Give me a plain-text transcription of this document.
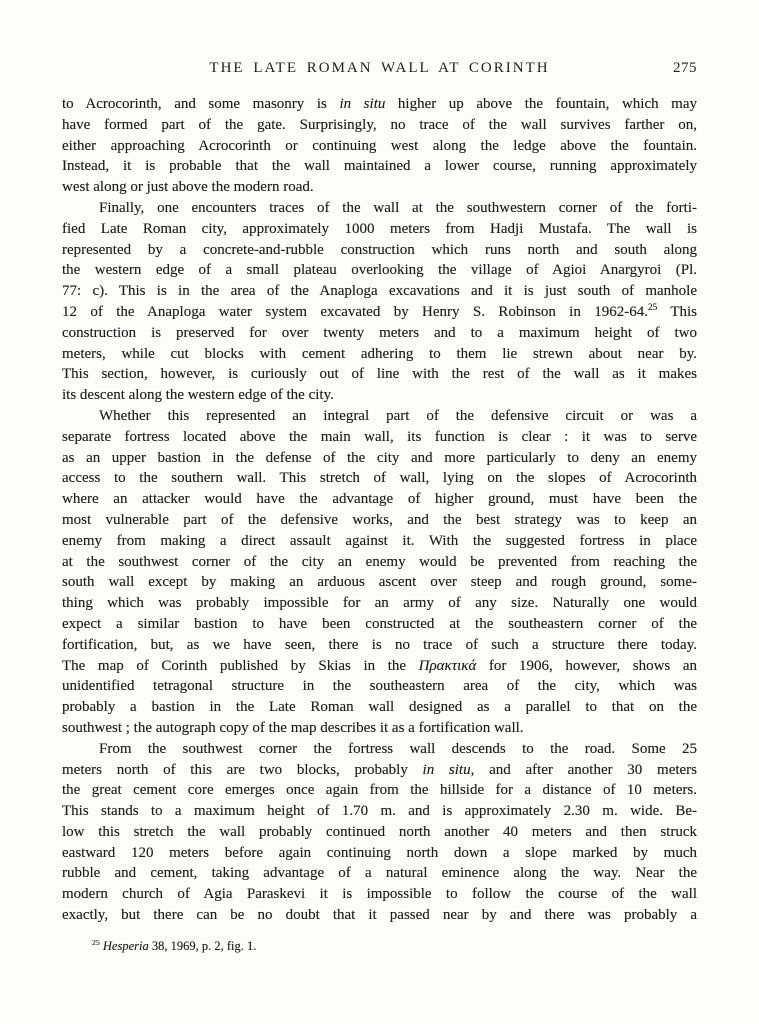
THE LATE ROMAN WALL AT CORINTH	275
to Acrocorinth, and some masonry is in situ higher up above the fountain, which may
have formed part of the gate. Surprisingly, no trace of the wall survives farther on,
either approaching Acrocorinth or continuing west along the ledge above the fountain.
Instead, it is probable that the wall maintained a lower course, running approximately
west along or just above the modern road.
Finally, one encounters traces of the wall at the southwestern corner of the forti-
fied Late Roman city, approximately 1000 meters from Hadji Mustafa. The wall is
represented by a concrete-and-rubble construction which runs north and south along
the western edge of a small plateau overlooking the village of Agioi Anargyroi (Pl.
77: c). This is in the area of the Anaploga excavations and it is just south of manhole
12 of the Anaploga water system excavated by Henry S. Robinson in 1962-64.25 This
construction is preserved for over twenty meters and to a maximum height of two
meters, while cut blocks with cement adhering to them lie strewn about near by.
This section, however, is curiously out of line with the rest of the wall as it makes
its descent along the western edge of the city.
Whether this represented an integral part of the defensive circuit or was a
separate fortress located above the main wall, its function is clear : it was to serve
as an upper bastion in the defense of the city and more particularly to deny an enemy
access to the southern wall. This stretch of wall, lying on the slopes of Acrocorinth
where an attacker would have the advantage of higher ground, must have been the
most vulnerable part of the defensive works, and the best strategy was to keep an
enemy from making a direct assault against it. With the suggested fortress in place
at the southwest corner of the city an enemy would be prevented from reaching the
south wall except by making an arduous ascent over steep and rough ground, some-
thing which was probably impossible for an army of any size. Naturally one would
expect a similar bastion to have been constructed at the southeastern corner of the
fortification, but, as we have seen, there is no trace of such a structure there today.
The map of Corinth published by Skias in the Πρακτικά for 1906, however, shows an
unidentified tetragonal structure in the southeastern area of the city, which was
probably a bastion in the Late Roman wall designed as a parallel to that on the
southwest ; the autograph copy of the map describes it as a fortification wall.
From the southwest corner the fortress wall descends to the road. Some 25
meters north of this are two blocks, probably in situ, and after another 30 meters
the great cement core emerges once again from the hillside for a distance of 10 meters.
This stands to a maximum height of 1.70 m. and is approximately 2.30 m. wide. Be-
low this stretch the wall probably continued north another 40 meters and then struck
eastward 120 meters before again continuing north down a slope marked by much
rubble and cement, taking advantage of a natural eminence along the way. Near the
modern church of Agia Paraskevi it is impossible to follow the course of the wall
exactly, but there can be no doubt that it passed near by and there was probably a
$^{25}$ Hesperia 38, 1969, p. 2, fig. 1.
